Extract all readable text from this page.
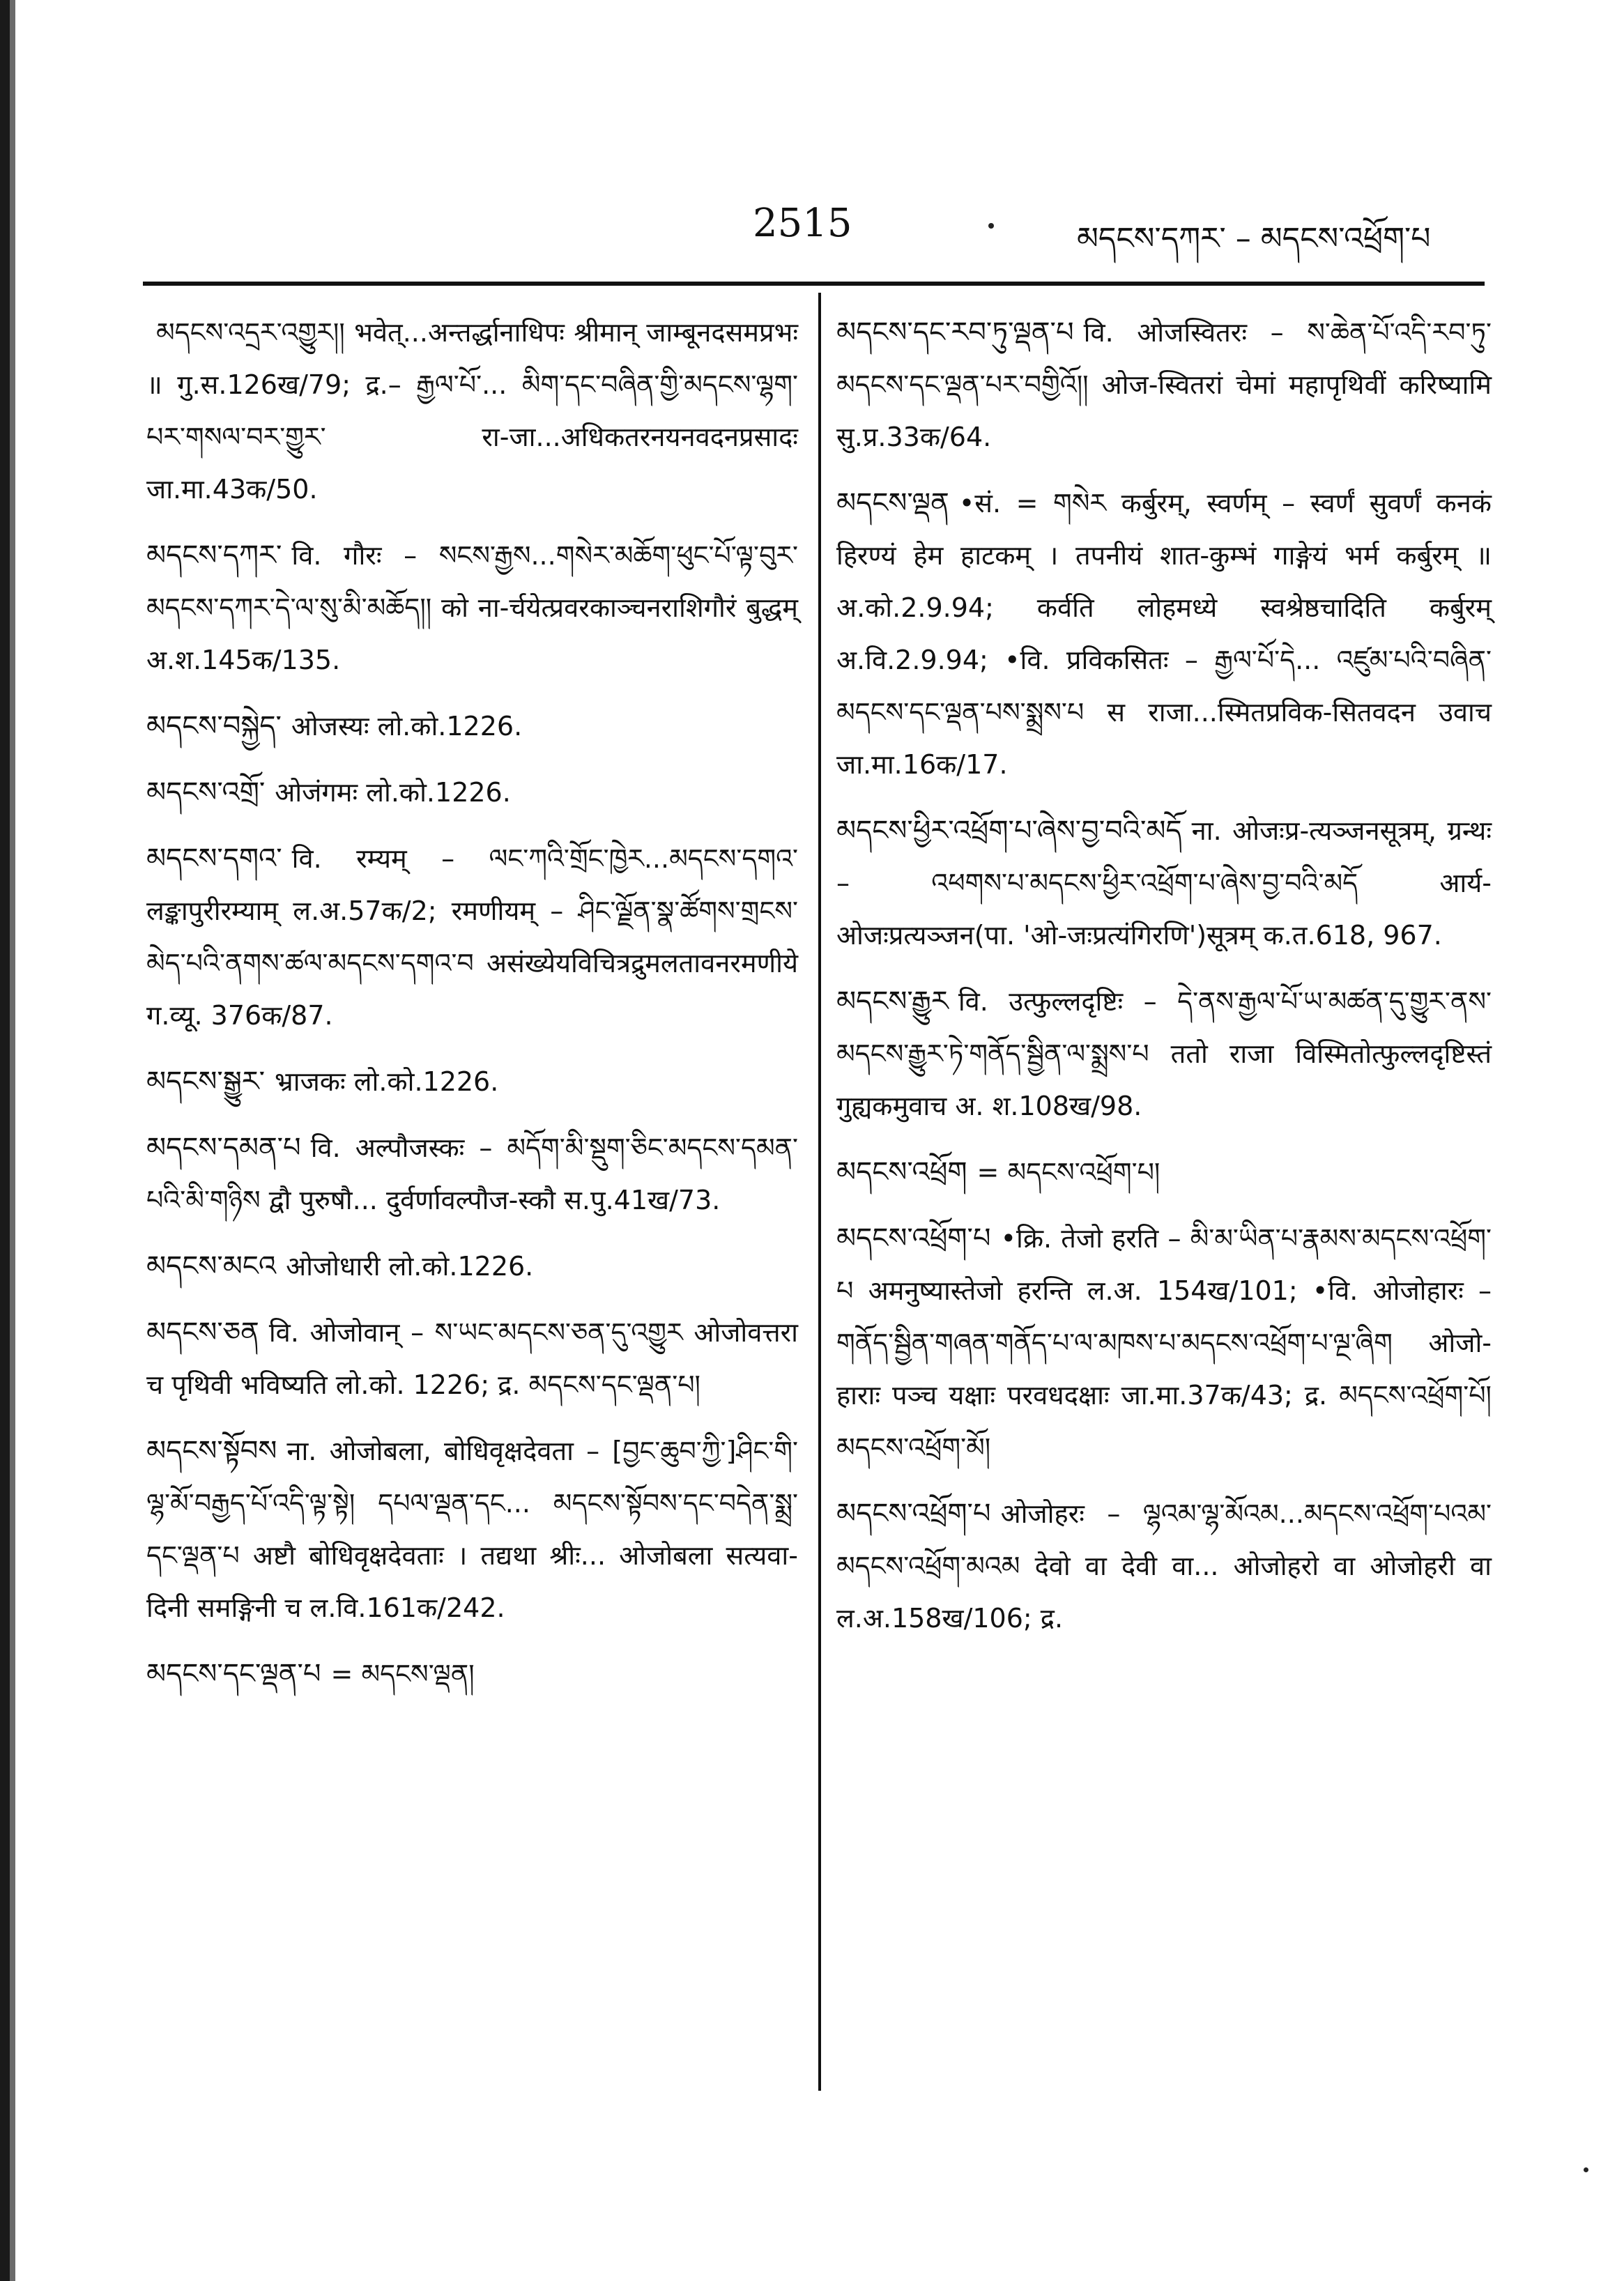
2515	མདངས་དཀར་ – མདངས་འཕྲོག་པ
མདངས་འདྲར་འགྱུར།། भवेत्...अन्तर्द्धानाधिपः श्रीमान् जाम्बूनदसमप्रभः ॥ गु.स.126ख/79; द्र.– རྒྱལ་པོ་... མིག་དང་བཞིན་གྱི་མདངས་ལྷག་པར་གསལ་བར་གྱུར་ रा-जा...अधिकतरनयनवदनप्रसादः जा.मा.43क/50.
མདངས་དཀར་ वि. गौरः – སངས་རྒྱས...གསེར་མཆོག་ཕུང་པོ་ལྟ་བུར་མདངས་དཀར་དེ་ལ་སུ་མི་མཆོད།། को ना-र्चयेत्प्रवरकाञ्चनराशिगौरं बुद्धम् अ.श.145क/135.
མདངས་བསྐྱེད་ ओजस्यः लो.को.1226.
མདངས་འགྲོ་ ओजंगमः लो.को.1226.
མདངས་དགའ་ वि. रम्यम् – ལང་ཀའི་གྲོང་ཁྱེར...མདངས་དགའ་ लङ्कापुरीरम्याम् ल.अ.57क/2; रमणीयम् – ཤིང་ལྗོན་སྣ་ཚོགས་གྲངས་མེད་པའི་ནགས་ཚལ་མདངས་དགའ་བ असंख्येयविचित्रद्रुमलतावनरमणीये ग.व्यू. 376क/87.
མདངས་སྒྱུར་ भ्राजकः लो.को.1226.
མདངས་དམན་པ वि. अल्पौजस्कः – མདོག་མི་སྡུག་ཅིང་མདངས་དམན་པའི་མི་གཉིས द्वौ पुरुषौ... दुर्वर्णावल्पौज-स्कौ स.पु.41ख/73.
མདངས་མངའ ओजोधारी लो.को.1226.
མདངས་ཅན वि. ओजोवान् – ས་ཡང་མདངས་ཅན་དུ་འགྱུར ओजोवत्तरा च पृथिवी भविष्यति लो.को. 1226; द्र. མདངས་དང་ལྡན་པ།
མདངས་སྟོབས ना. ओजोबला, बोधिवृक्षदेवता – [བྱང་ཆུབ་ཀྱི་]ཤིང་གི་ལྷ་མོ་བརྒྱད་པོ་འདི་ལྟ་སྟེ། དཔལ་ལྡན་དང... མདངས་སྟོབས་དང་བདེན་སྨྲ་དང་ལྡན་པ अष्टौ बोधिवृक्षदेवताः । तद्यथा श्रीः... ओजोबला सत्यवा-दिनी समङ्गिनी च ल.वि.161क/242.
མདངས་དང་ལྡན་པ = མདངས་ལྡན།
མདངས་དང་རབ་ཏུ་ལྡན་པ वि. ओजस्वितरः – ས་ཆེན་པོ་འདི་རབ་ཏུ་མདངས་དང་ལྡན་པར་བགྱིའོ།། ओज-स्वितरां चेमां महापृथिवीं करिष्यामि सु.प्र.33क/64.
མདངས་ལྡན •सं. = གསེར कर्बुरम्, स्वर्णम् – स्वर्णं सुवर्णं कनकं हिरण्यं हेम हाटकम् । तपनीयं शात-कुम्भं गाङ्गेयं भर्म कर्बुरम् ॥ अ.को.2.9.94; कर्वति लोहमध्ये स्वश्रेष्ठचादिति कर्बुरम् अ.वि.2.9.94; •वि. प्रविकसितः – རྒྱལ་པོ་དེ... འཛུམ་པའི་བཞིན་མདངས་དང་ལྡན་པས་སྨྲས་པ स राजा...स्मितप्रविक-सितवदन उवाच जा.मा.16क/17.
མདངས་ཕྱིར་འཕྲོག་པ་ཞེས་བྱ་བའི་མདོ ना. ओजःप्र-त्यञ्जनसूत्रम्, ग्रन्थः – འཕགས་པ་མདངས་ཕྱིར་འཕྲོག་པ་ཞེས་བྱ་བའི་མདོ आर्य-ओजःप्रत्यञ्जन(पा. 'ओ-जःप्रत्यंगिरणि')सूत्रम् क.त.618, 967.
མདངས་རྒྱུར वि. उत्फुल्लदृष्टिः – དེ་ནས་རྒྱལ་པོ་ཡ་མཚན་དུ་གྱུར་ནས་མདངས་རྒྱུར་ཏེ་གནོད་སྦྱིན་ལ་སྨྲས་པ ततो राजा विस्मितोत्फुल्लदृष्टिस्तं गुह्यकमुवाच अ. श.108ख/98.
མདངས་འཕྲོག = མདངས་འཕྲོག་པ།
མདངས་འཕྲོག་པ •क्रि. तेजो हरति – མི་མ་ཡིན་པ་རྣམས་མདངས་འཕྲོག་པ अमनुष्यास्तेजो हरन्ति ल.अ. 154ख/101; •वि. ओजोहारः – གནོད་སྦྱིན་གཞན་གནོད་པ་ལ་མཁས་པ་མདངས་འཕྲོག་པ་ལྔ་ཞིག ओजो-हाराः पञ्च यक्षाः परवधदक्षाः जा.मा.37क/43; द्र. མདངས་འཕྲོག་པོ། མདངས་འཕྲོག་མོ།
མདངས་འཕྲོག་པ ओजोहरः – ལྷའམ་ལྷ་མོའམ...མདངས་འཕྲོག་པའམ་མདངས་འཕྲོག་མའམ देवो वा देवी वा... ओजोहरो वा ओजोहरी वा ल.अ.158ख/106; द्र.
